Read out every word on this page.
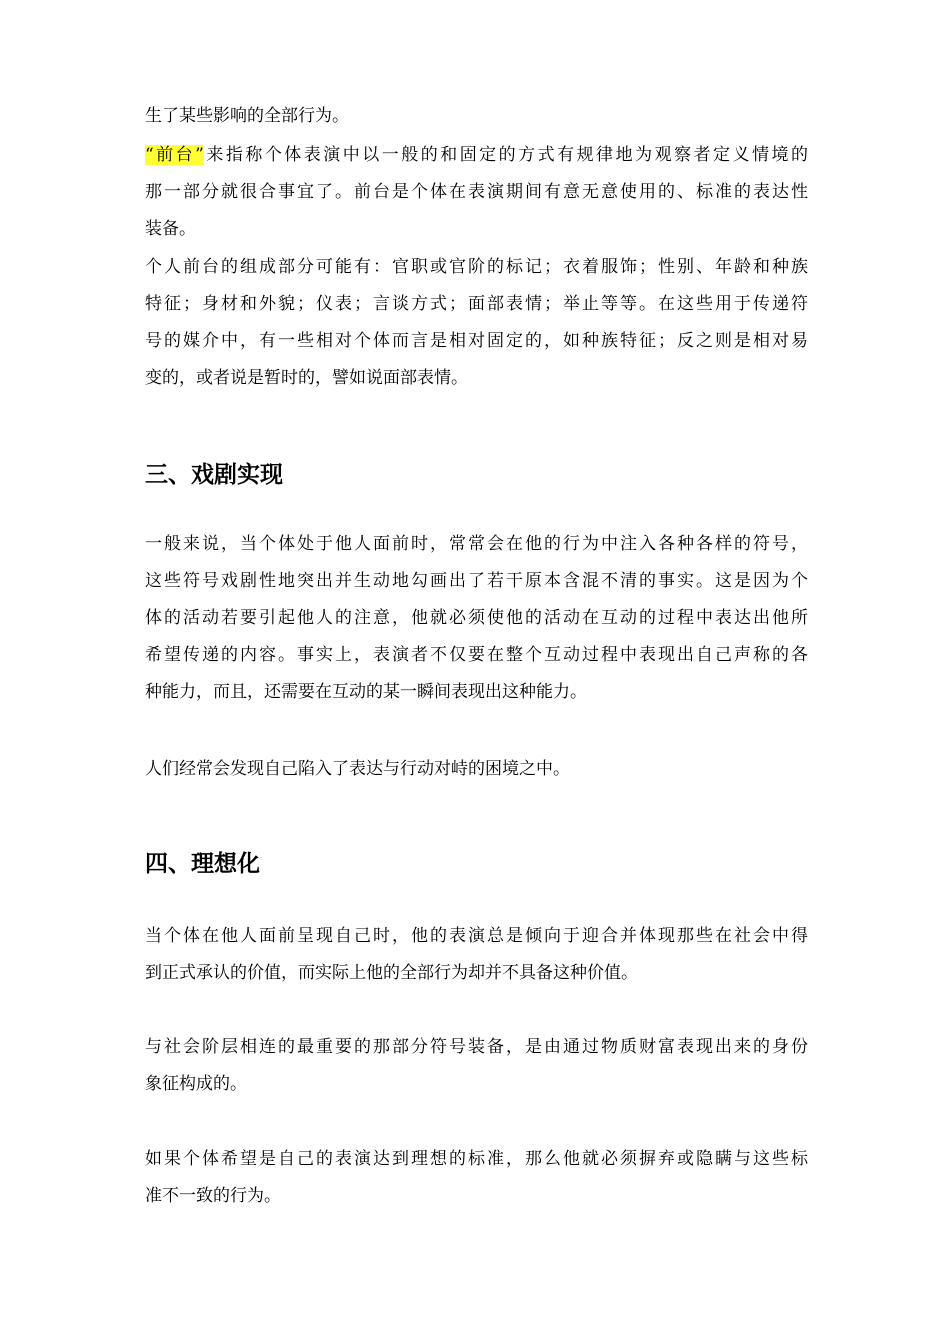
生了某些影响的全部行为。
“前台”来指称个体表演中以一般的和固定的方式有规律地为观察者定义情境的
那一部分就很合事宜了。前台是个体在表演期间有意无意使用的、标准的表达性
装备。
个人前台的组成部分可能有：官职或官阶的标记；衣着服饰；性别、年龄和种族
特征；身材和外貌；仪表；言谈方式；面部表情；举止等等。在这些用于传递符
号的媒介中，有一些相对个体而言是相对固定的，如种族特征；反之则是相对易
变的，或者说是暂时的，譬如说面部表情。
三、戏剧实现
一般来说，当个体处于他人面前时，常常会在他的行为中注入各种各样的符号，
这些符号戏剧性地突出并生动地勾画出了若干原本含混不清的事实。这是因为个
体的活动若要引起他人的注意，他就必须使他的活动在互动的过程中表达出他所
希望传递的内容。事实上，表演者不仅要在整个互动过程中表现出自己声称的各
种能力，而且，还需要在互动的某一瞬间表现出这种能力。
人们经常会发现自己陷入了表达与行动对峙的困境之中。
四、理想化
当个体在他人面前呈现自己时，他的表演总是倾向于迎合并体现那些在社会中得
到正式承认的价值，而实际上他的全部行为却并不具备这种价值。
与社会阶层相连的最重要的那部分符号装备，是由通过物质财富表现出来的身份
象征构成的。
如果个体希望是自己的表演达到理想的标准，那么他就必须摒弃或隐瞒与这些标
准不一致的行为。
